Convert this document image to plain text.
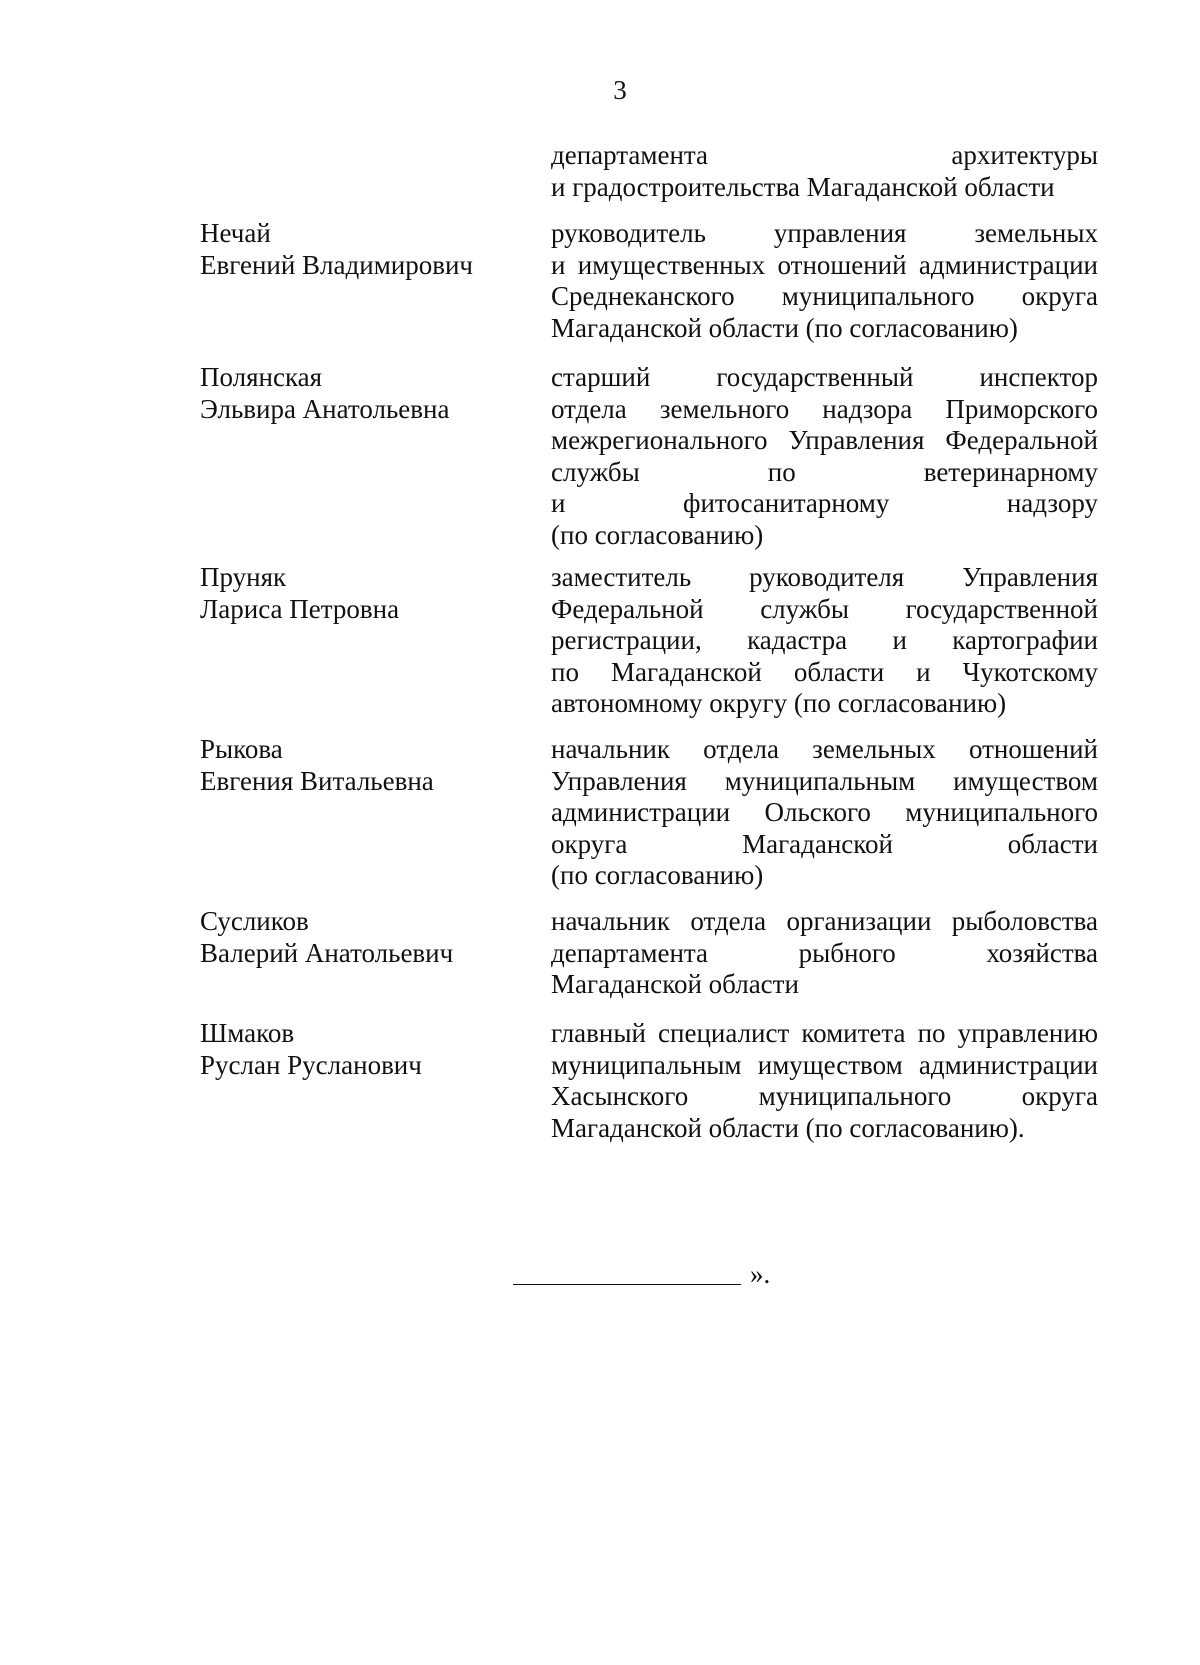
3
департамента архитектуры
и градостроительства Магаданской области
Нечай
Евгений Владимирович
руководитель управления земельных
и имущественных отношений администрации
Среднеканского муниципального округа
Магаданской области (по согласованию)
Полянская
Эльвира Анатольевна
старший государственный инспектор
отдела земельного надзора Приморского
межрегионального Управления Федеральной
службы по ветеринарному
и фитосанитарному надзору
(по согласованию)
Пруняк
Лариса Петровна
заместитель руководителя Управления
Федеральной службы государственной
регистрации, кадастра и картографии
по Магаданской области и Чукотскому
автономному округу (по согласованию)
Рыкова
Евгения Витальевна
начальник отдела земельных отношений
Управления муниципальным имуществом
администрации Ольского муниципального
округа Магаданской области
(по согласованию)
Сусликов
Валерий Анатольевич
начальник отдела организации рыболовства
департамента рыбного хозяйства
Магаданской области
Шмаков
Руслан Русланович
главный специалист комитета по управлению
муниципальным имуществом администрации
Хасынского муниципального округа
Магаданской области (по согласованию).
».
